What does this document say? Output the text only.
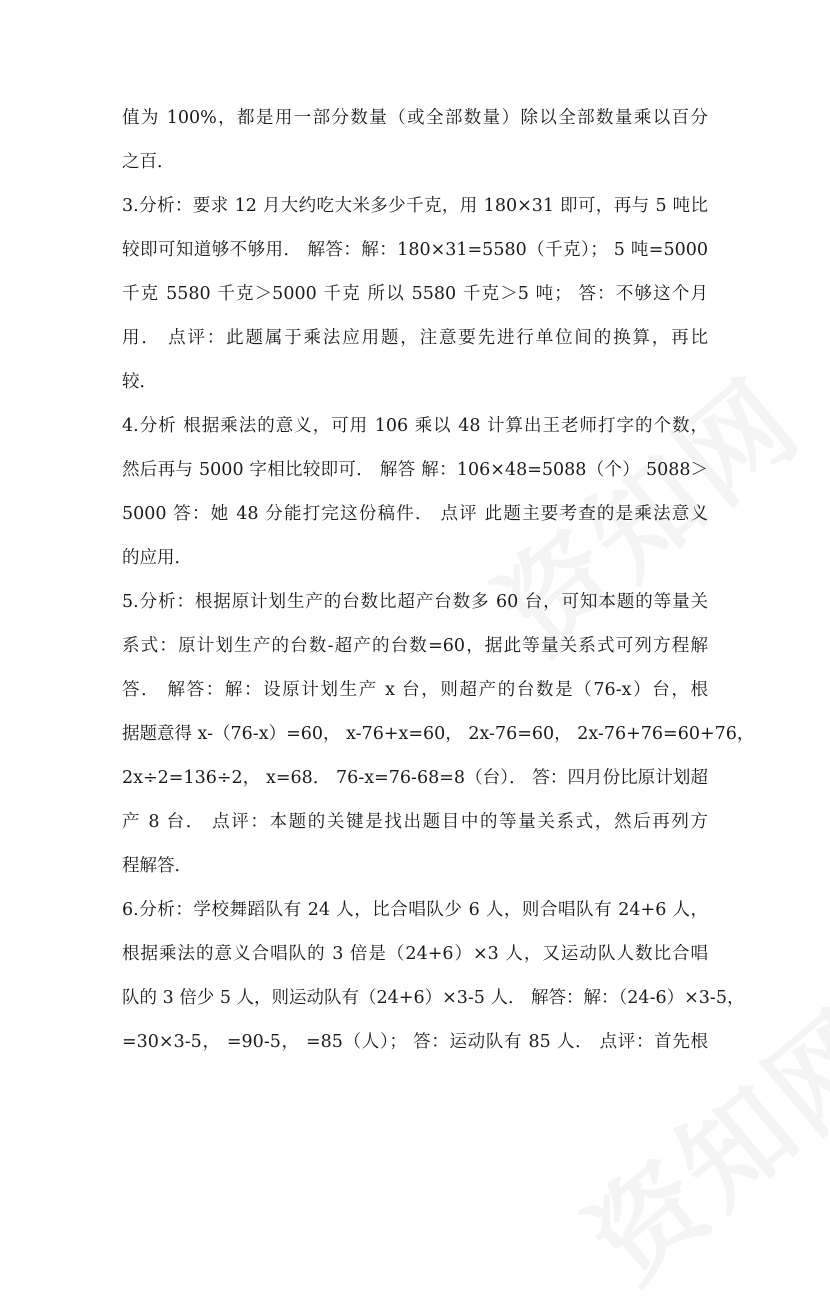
值为 100%，都是用一部分数量（或全部数量）除以全部数量乘以百分
之百．
3.分析：要求 12 月大约吃大米多少千克，用 180×31 即可，再与 5 吨比
较即可知道够不够用． 解答：解：180×31=5580（千克）； 5 吨=5000
千克 5580 千克＞5000 千克 所以 5580 千克＞5 吨； 答：不够这个月
用． 点评：此题属于乘法应用题，注意要先进行单位间的换算，再比
较．
4.分析 根据乘法的意义，可用 106 乘以 48 计算出王老师打字的个数，
然后再与 5000 字相比较即可． 解答 解：106×48=5088（个） 5088＞
5000 答：她 48 分能打完这份稿件． 点评 此题主要考查的是乘法意义
的应用．
5.分析：根据原计划生产的台数比超产台数多 60 台，可知本题的等量关
系式：原计划生产的台数-超产的台数=60，据此等量关系式可列方程解
答． 解答：解：设原计划生产 x 台，则超产的台数是（76-x）台，根
据题意得 x-（76-x）=60， x-76+x=60， 2x-76=60， 2x-76+76=60+76，
2x÷2=136÷2， x=68． 76-x=76-68=8（台）． 答：四月份比原计划超
产 8 台． 点评：本题的关键是找出题目中的等量关系式，然后再列方
程解答．
6.分析：学校舞蹈队有 24 人，比合唱队少 6 人，则合唱队有 24+6 人，
根据乘法的意义合唱队的 3 倍是（24+6）×3 人，又运动队人数比合唱
队的 3 倍少 5 人，则运动队有（24+6）×3-5 人． 解答：解：（24-6）×3-5，
=30×3-5， =90-5， =85（人）； 答：运动队有 85 人． 点评：首先根
